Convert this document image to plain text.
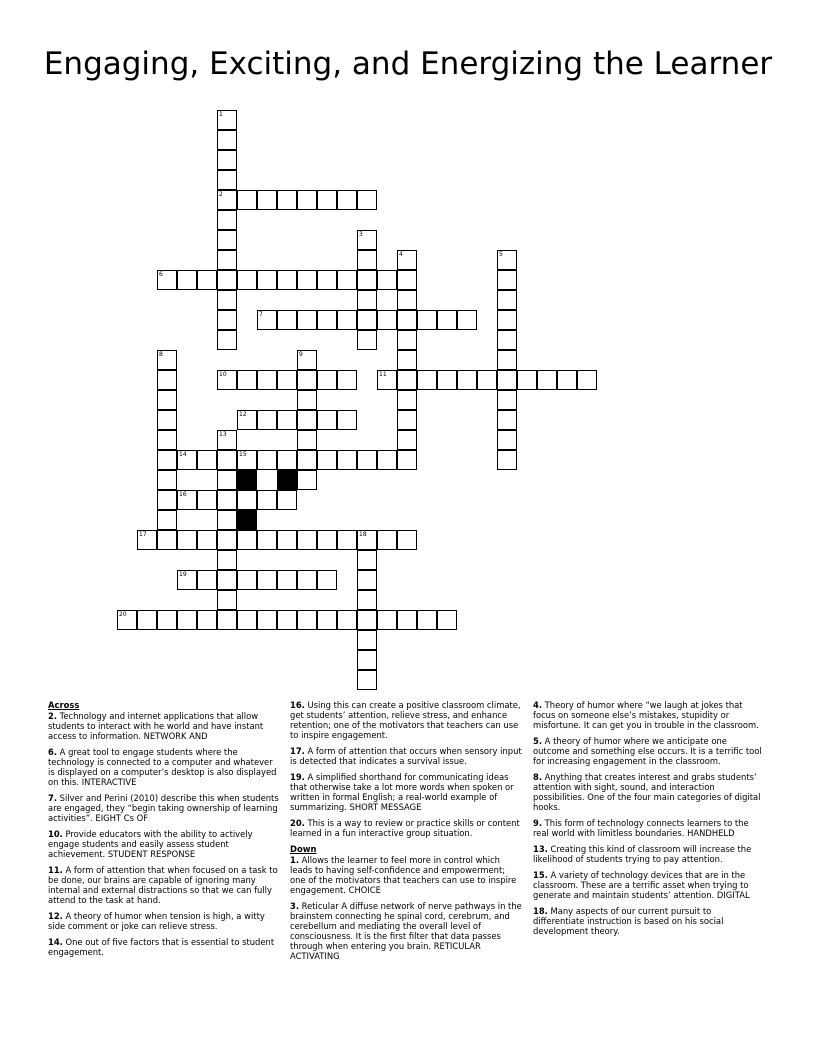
Engaging, Exciting, and Energizing the Learner
1
2
3
4	5
6
7
8	9
10	11
12
13
14	15
16
17	18
19
20
Across
2. Technology and internet applications that allow students to interact with he world and have instant access to information. NETWORK AND
6. A great tool to engage students where the technology is connected to a computer and whatever is displayed on a computer’s desktop is also displayed on this. INTERACTIVE
7. Silver and Perini (2010) describe this when students are engaged, they “begin taking ownership of learning activities”. EIGHT Cs OF
10. Provide educators with the ability to actively engage students and easily assess student achievement. STUDENT RESPONSE
11. A form of attention that when focused on a task to be done, our brains are capable of ignoring many internal and external distractions so that we can fully attend to the task at hand.
12. A theory of humor when tension is high, a witty side comment or joke can relieve stress.
14. One out of five factors that is essential to student engagement.
16. Using this can create a positive classroom climate, get students’ attention, relieve stress, and enhance retention; one of the motivators that teachers can use to inspire engagement.
17. A form of attention that occurs when sensory input is detected that indicates a survival issue.
19. A simplified shorthand for communicating ideas that otherwise take a lot more words when spoken or written in formal English; a real-world example of summarizing. SHORT MESSAGE
20. This is a way to review or practice skills or content learned in a fun interactive group situation.
Down
1. Allows the learner to feel more in control which leads to having self-confidence and empowerment; one of the motivators that teachers can use to inspire engagement. CHOICE
3. Reticular A diffuse network of nerve pathways in the brainstem connecting he spinal cord, cerebrum, and cerebellum and mediating the overall level of consciousness. It is the first filter that data passes through when entering you brain. RETICULAR ACTIVATING
4. Theory of humor where “we laugh at jokes that focus on someone else’s mistakes, stupidity or misfortune. It can get you in trouble in the classroom.
5. A theory of humor where we anticipate one outcome and something else occurs. It is a terrific tool for increasing engagement in the classroom.
8. Anything that creates interest and grabs students’ attention with sight, sound, and interaction possibilities. One of the four main categories of digital hooks.
9. This form of technology connects learners to the real world with limitless boundaries. HANDHELD
13. Creating this kind of classroom will increase the likelihood of students trying to pay attention.
15. A variety of technology devices that are in the classroom. These are a terrific asset when trying to generate and maintain students’ attention. DIGITAL
18. Many aspects of our current pursuit to differentiate instruction is based on his social development theory.
